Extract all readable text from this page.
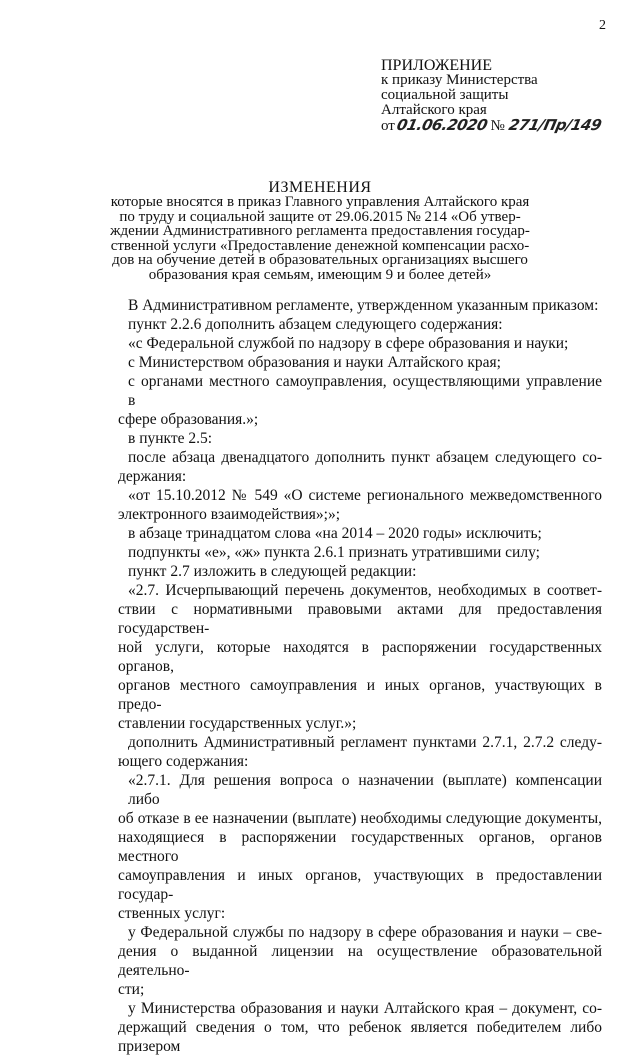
2
ПРИЛОЖЕНИЕ
к приказу Министерства
социальной защиты
Алтайского края
от01.06.2020 № 271/Пр/149
ИЗМЕНЕНИЯ
которые вносятся в приказ Главного управления Алтайского края
по труду и социальной защите от 29.06.2015 № 214 «Об утвер-
ждении Административного регламента предоставления государ-
ственной услуги «Предоставление денежной компенсации расхо-
дов на обучение детей в образовательных организациях высшего
образования края семьям, имеющим 9 и более детей»
В Административном регламенте, утвержденном указанным приказом:
пункт 2.2.6 дополнить абзацем следующего содержания:
«с Федеральной службой по надзору в сфере образования и науки;
с Министерством образования и науки Алтайского края;
с органами местного самоуправления, осуществляющими управление в
сфере образования.»;
в пункте 2.5:
после абзаца двенадцатого дополнить пункт абзацем следующего со-
держания:
«от 15.10.2012 № 549 «О системе регионального межведомственного
электронного взаимодействия»;»;
в абзаце тринадцатом слова «на 2014 – 2020 годы» исключить;
подпункты «е», «ж» пункта 2.6.1 признать утратившими силу;
пункт 2.7 изложить в следующей редакции:
«2.7. Исчерпывающий перечень документов, необходимых в соответ-
ствии с нормативными правовыми актами для предоставления государствен-
ной услуги, которые находятся в распоряжении государственных органов,
органов местного самоуправления и иных органов, участвующих в предо-
ставлении государственных услуг.»;
дополнить Административный регламент пунктами 2.7.1, 2.7.2 следу-
ющего содержания:
«2.7.1. Для решения вопроса о назначении (выплате) компенсации либо
об отказе в ее назначении (выплате) необходимы следующие документы,
находящиеся в распоряжении государственных органов, органов местного
самоуправления и иных органов, участвующих в предоставлении государ-
ственных услуг:
у Федеральной службы по надзору в сфере образования и науки – све-
дения о выданной лицензии на осуществление образовательной деятельно-
сти;
у Министерства образования и науки Алтайского края – документ, со-
держащий сведения о том, что ребенок является победителем либо призером
